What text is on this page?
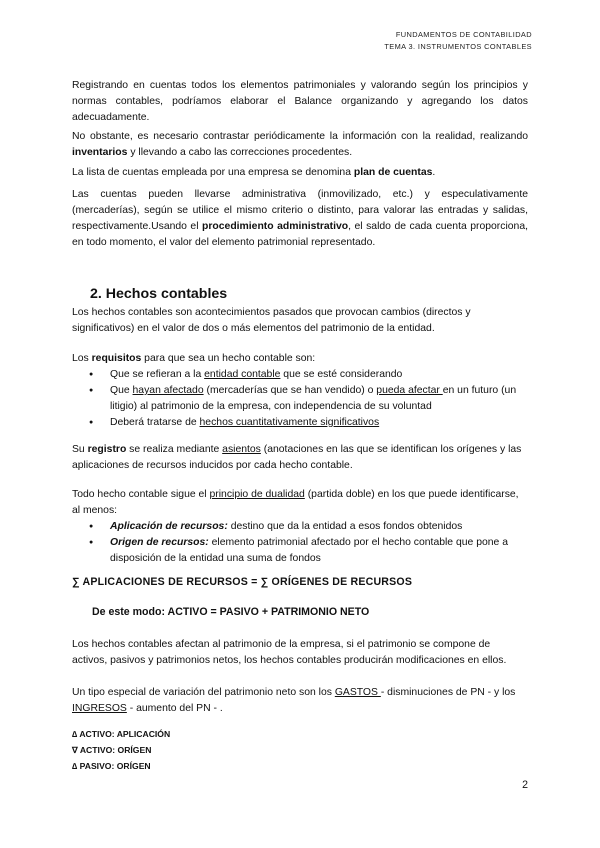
FUNDAMENTOS DE CONTABILIDAD
TEMA 3. INSTRUMENTOS CONTABLES

Registrando en cuentas todos los elementos patrimoniales y valorando según los principios y normas contables, podríamos elaborar el Balance organizando y agregando los datos adecuadamente.

No obstante, es necesario contrastar periódicamente la información con la realidad, realizando inventarios y llevando a cabo las correcciones procedentes.

La lista de cuentas empleada por una empresa se denomina plan de cuentas.

Las cuentas pueden llevarse administrativa (inmovilizado, etc.) y especulativamente (mercaderías), según se utilice el mismo criterio o distinto, para valorar las entradas y salidas, respectivamente.Usando el procedimiento administrativo, el saldo de cada cuenta proporciona, en todo momento, el valor del elemento patrimonial representado.

2. Hechos contables

Los hechos contables son acontecimientos pasados que provocan cambios (directos y significativos) en el valor de dos o más elementos del patrimonio de la entidad.

Los requisitos para que sea un hecho contable son:
● Que se refieran a la entidad contable que se esté considerando
● Que hayan afectado (mercaderías que se han vendido) o pueda afectar en un futuro (un litigio) al patrimonio de la empresa, con independencia de su voluntad
● Deberá tratarse de hechos cuantitativamente significativos

Su registro se realiza mediante asientos (anotaciones en las que se identifican los orígenes y las aplicaciones de recursos inducidos por cada hecho contable.

Todo hecho contable sigue el principio de dualidad (partida doble) en los que puede identificarse, al menos:
● Aplicación de recursos: destino que da la entidad a esos fondos obtenidos
● Origen de recursos: elemento patrimonial afectado por el hecho contable que pone a disposición de la entidad una suma de fondos
∑ APLICACIONES DE RECURSOS = ∑ ORÍGENES DE RECURSOS
De este modo: ACTIVO = PASIVO + PATRIMONIO NETO

Los hechos contables afectan al patrimonio de la empresa, si el patrimonio se compone de activos, pasivos y patrimonios netos, los hechos contables producirán modificaciones en ellos.

Un tipo especial de variación del patrimonio neto son los GASTOS - disminuciones de PN - y los INGRESOS - aumento del PN - .

∆ ACTIVO: APLICACIÓN
∇ ACTIVO: ORÍGEN
∆ PASIVO: ORÍGEN
2
